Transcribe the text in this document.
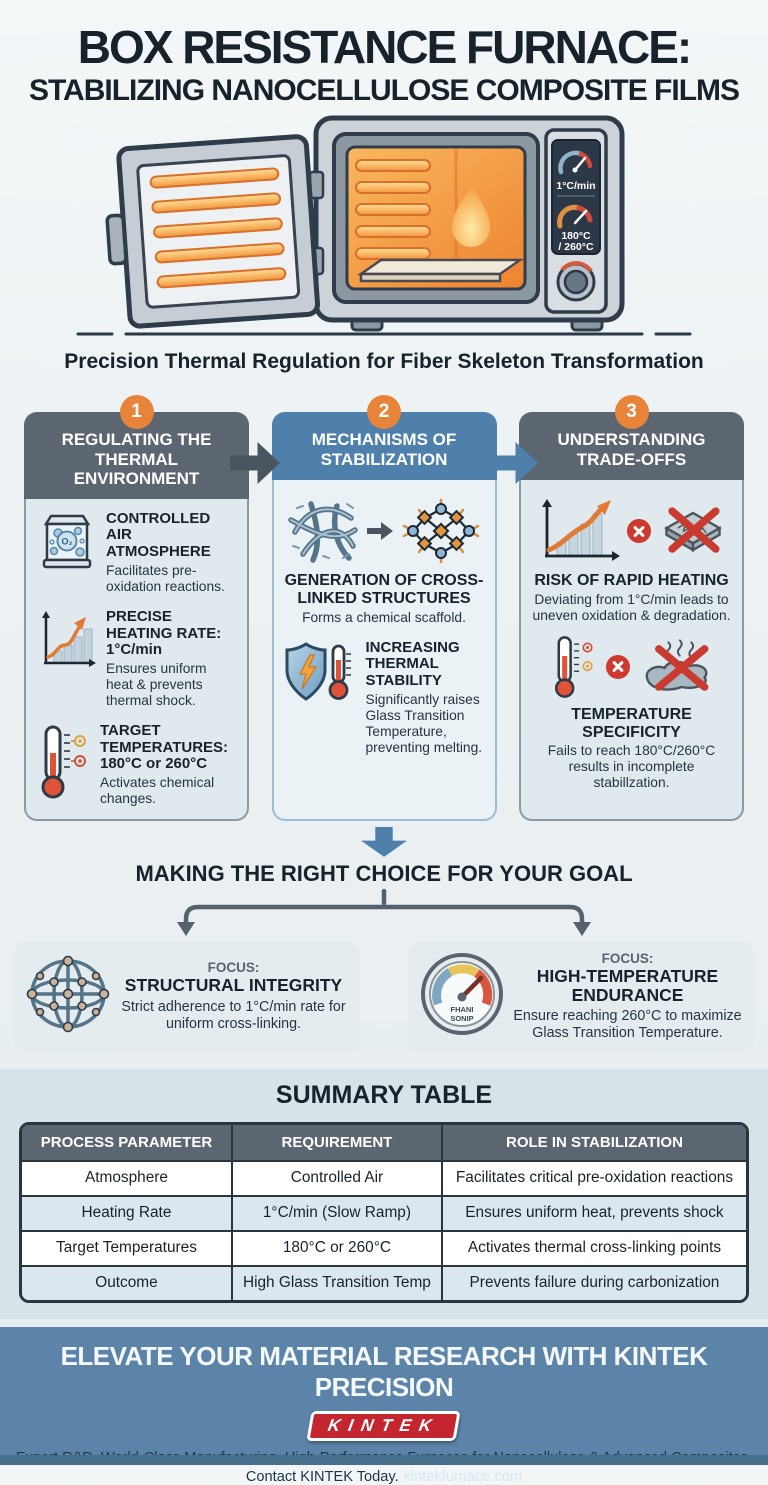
BOX RESISTANCE FURNACE:
STABILIZING NANOCELLULOSE COMPOSITE FILMS
1°C/min
180°C
/ 260°C
Precision Thermal Regulation for Fiber Skeleton Transformation
1
REGULATING THE THERMAL ENVIRONMENT
O₂
CONTROLLED AIR ATMOSPHERE
Facilitates pre-oxidation reactions.
PRECISE HEATING RATE: 1°C/min
Ensures uniform heat & prevents thermal shock.
TARGET TEMPERATURES: 180°C or 260°C
Activates chemical changes.
2
MECHANISMS OF STABILIZATION
GENERATION OF CROSS-LINKED STRUCTURES
Forms a chemical scaffold.
INCREASING THERMAL STABILITY
Significantly raises Glass Transition Temperature, preventing melting.
3
UNDERSTANDING TRADE-OFFS
RISK OF RAPID HEATING
Deviating from 1°C/min leads to uneven oxidation & degradation.
TEMPERATURE SPECIFICITY
Fails to reach 180°C/260°C results in incomplete stabillzation.
MAKING THE RIGHT CHOICE FOR YOUR GOAL
FOCUS:
STRUCTURAL INTEGRITY
Strict adherence to 1°C/min rate for uniform cross-linking.
FHANI
SONIP
FOCUS:
HIGH-TEMPERATURE ENDURANCE
Ensure reaching 260°C to maximize Glass Transition Temperature.
SUMMARY TABLE
PROCESS PARAMETER	REQUIREMENT	ROLE IN STABILIZATION
Atmosphere	Controlled Air	Facilitates critical pre-oxidation reactions
Heating Rate	1°C/min (Slow Ramp)	Ensures uniform heat, prevents shock
Target Temperatures	180°C or 260°C	Activates thermal cross-linking points
Outcome	High Glass Transition Temp	Prevents failure during carbonization
ELEVATE YOUR MATERIAL RESEARCH WITH KINTEK PRECISION
KINTEK
Contact KINTEK Today. kintekfurnace.com
